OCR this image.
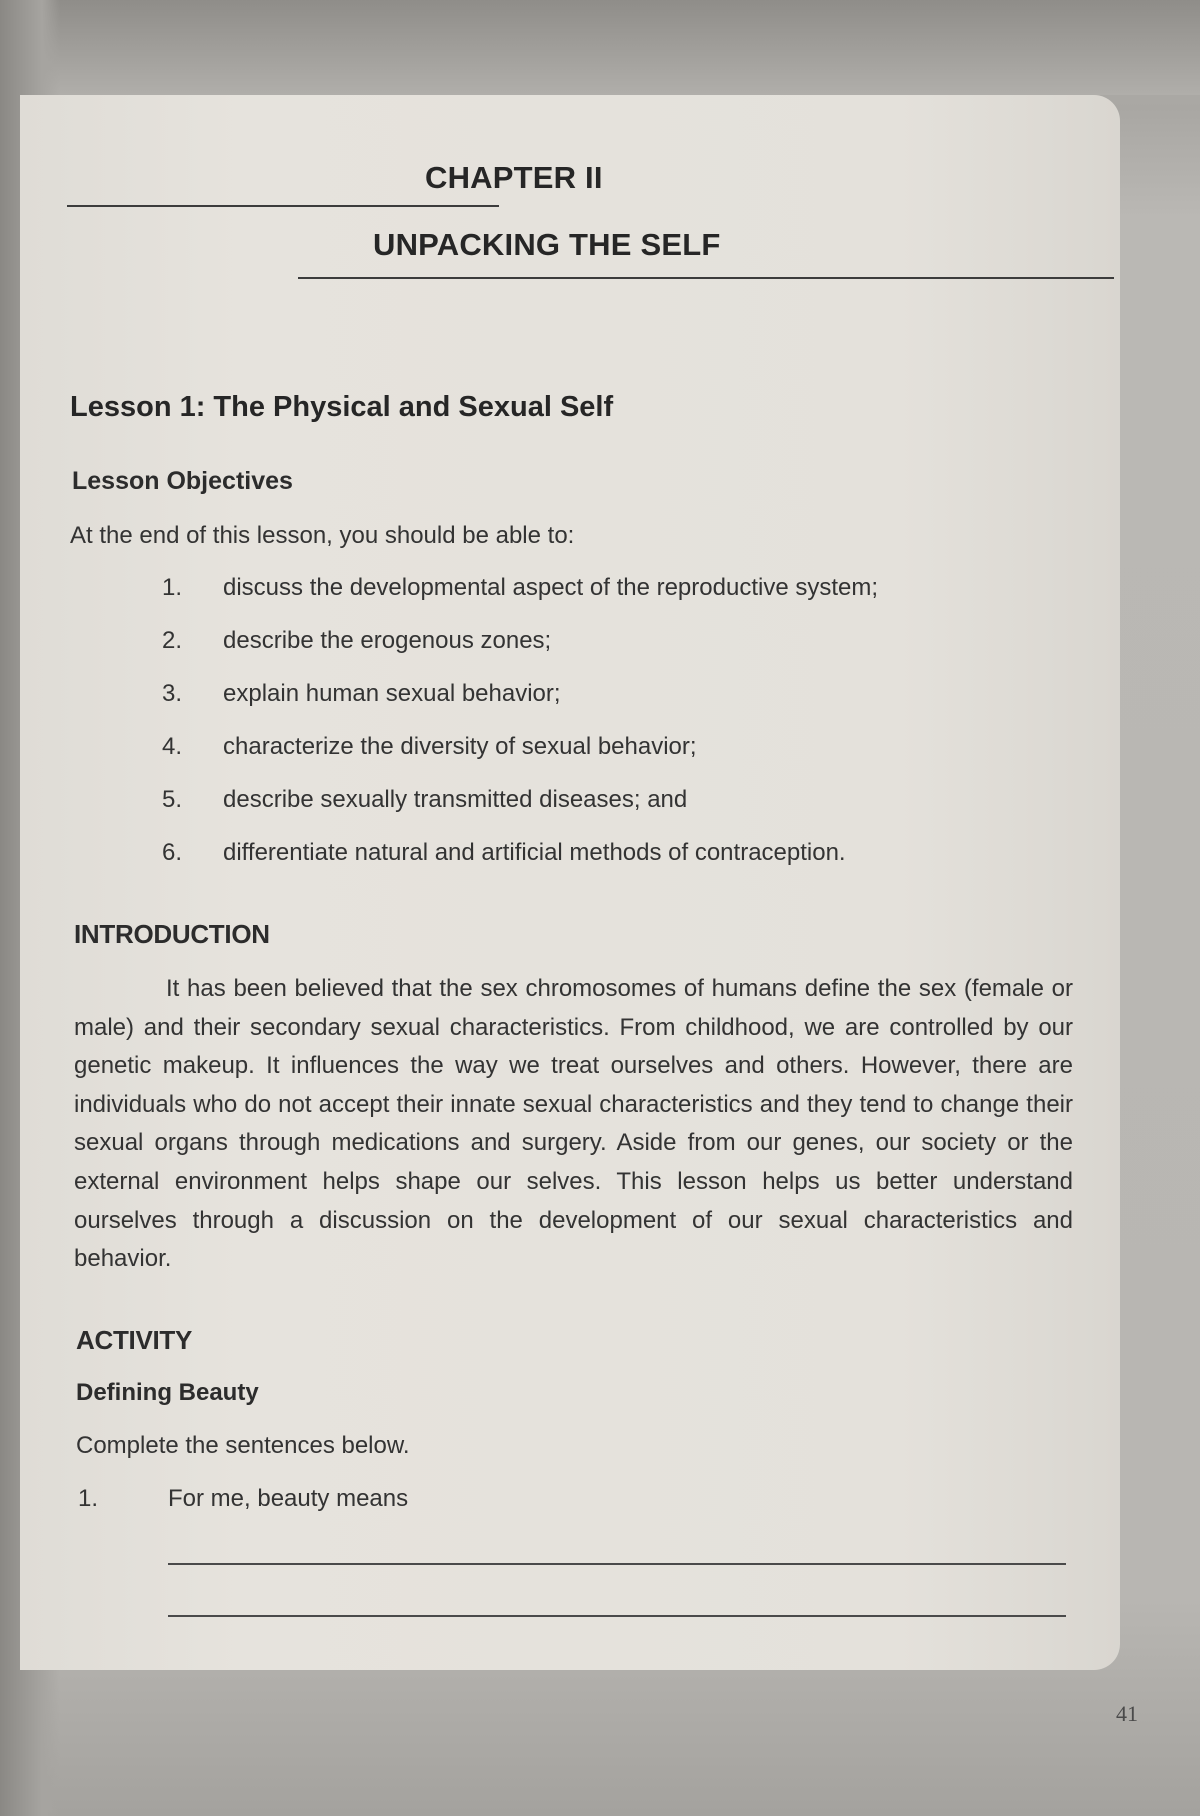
CHAPTER II
UNPACKING THE SELF
Lesson 1: The Physical and Sexual Self
Lesson Objectives
At the end of this lesson, you should be able to:
1.	discuss the developmental aspect of the reproductive system;
2.	describe the erogenous zones;
3.	explain human sexual behavior;
4.	characterize the diversity of sexual behavior;
5.	describe sexually transmitted diseases; and
6.	differentiate natural and artificial methods of contraception.
INTRODUCTION

It has been believed that the sex chromosomes of humans define the sex (female or male) and their secondary sexual characteristics. From childhood, we are controlled by our genetic makeup. It influences the way we treat ourselves and others. However, there are individuals who do not accept their innate sexual characteristics and they tend to change their sexual organs through medications and surgery. Aside from our genes, our society or the external environment helps shape our selves. This lesson helps us better understand ourselves through a discussion on the development of our sexual characteristics and behavior.

ACTIVITY
Defining Beauty
Complete the sentences below.
1.	For me, beauty means
41
